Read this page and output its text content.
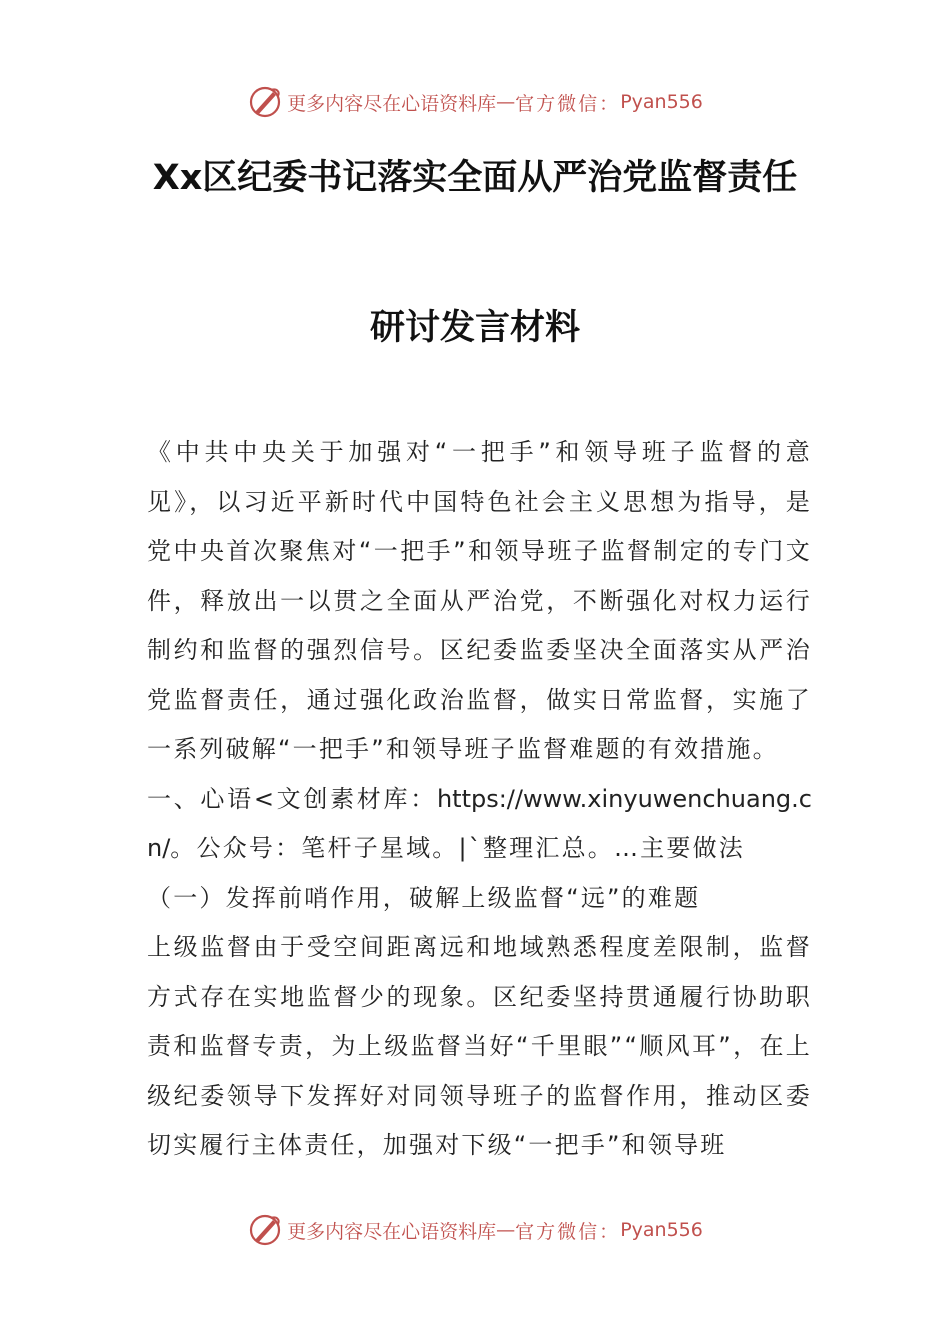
更多内容尽在心语资料库 — 官方微信： Pyan556
Xx区纪委书记落实全面从严治党监督责任
研讨发言材料

《中共中央关于加强对“一把手”和领导班子监督的意见》，以习近平新时代中国特色社会主义思想为指导，是党中央首次聚焦对“一把手”和领导班子监督制定的专门文件，释放出一以贯之全面从严治党，不断强化对权力运行制约和监督的强烈信号。区纪委监委坚决全面落实从严治党监督责任，通过强化政治监督，做实日常监督，实施了一系列破解“一把手”和领导班子监督难题的有效措施。

一、心语<文创素材库：https://www.xinyuwenchuang.cn/。公众号：笔杆子星域。|`整理汇总。…主要做法

（一）发挥前哨作用，破解上级监督“远”的难题

上级监督由于受空间距离远和地域熟悉程度差限制，监督方式存在实地监督少的现象。区纪委坚持贯通履行协助职责和监督专责，为上级监督当好“千里眼”“顺风耳”，在上级纪委领导下发挥好对同领导班子的监督作用，推动区委切实履行主体责任，加强对下级“一把手”和领导班

更多内容尽在心语资料库 — 官方微信： Pyan556
